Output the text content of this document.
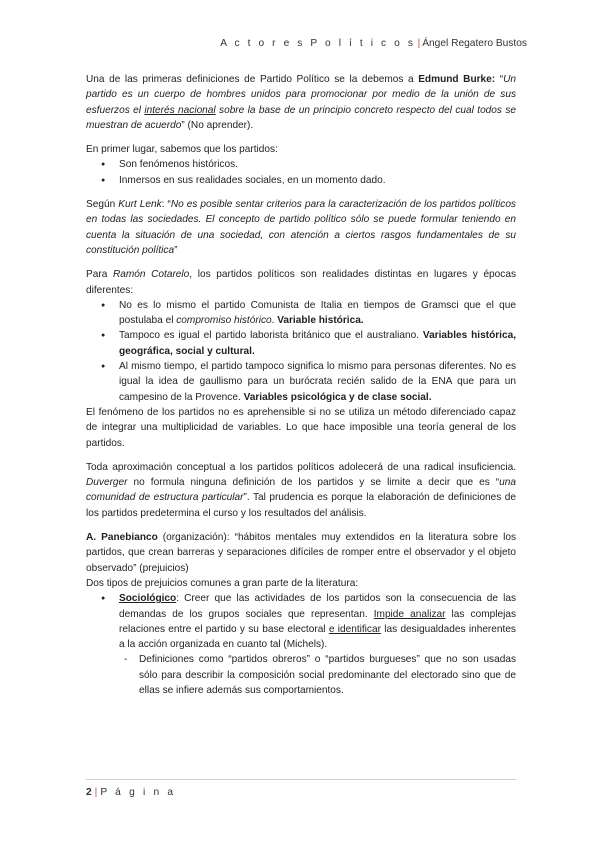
A c t o r e s P o l í t i c o s | Ángel Regatero Bustos

Una de las primeras definiciones de Partido Político se la debemos a Edmund Burke: “Un partido es un cuerpo de hombres unidos para promocionar por medio de la unión de sus esfuerzos el interés nacional sobre la base de un principio concreto respecto del cual todos se muestran de acuerdo” (No aprender).

En primer lugar, sabemos que los partidos:

● Son fenómenos históricos.
● Inmersos en sus realidades sociales, en un momento dado.

Según Kurt Lenk: “No es posible sentar criterios para la caracterización de los partidos políticos en todas las sociedades. El concepto de partido político sólo se puede formular teniendo en cuenta la situación de una sociedad, con atención a ciertos rasgos fundamentales de su constitución política”

Para Ramón Cotarelo, los partidos políticos son realidades distintas en lugares y épocas diferentes:

● No es lo mismo el partido Comunista de Italia en tiempos de Gramsci que el que postulaba el compromiso histórico. Variable histórica.
● Tampoco es igual el partido laborista británico que el australiano. Variables histórica, geográfica, social y cultural.
● Al mismo tiempo, el partido tampoco significa lo mismo para personas diferentes. No es igual la idea de gaullismo para un burócrata recién salido de la ENA que para un campesino de la Provence. Variables psicológica y de clase social.

El fenómeno de los partidos no es aprehensible si no se utiliza un método diferenciado capaz de integrar una multiplicidad de variables. Lo que hace imposible una teoría general de los partidos.

Toda aproximación conceptual a los partidos políticos adolecerá de una radical insuficiencia. Duverger no formula ninguna definición de los partidos y se limite a decir que es “una comunidad de estructura particular”. Tal prudencia es porque la elaboración de definiciones de los partidos predetermina el curso y los resultados del análisis.

A. Panebianco (organización): “hábitos mentales muy extendidos en la literatura sobre los partidos, que crean barreras y separaciones difíciles de romper entre el observador y el objeto observado” (prejuicios)

Dos tipos de prejuicios comunes a gran parte de la literatura:

● Sociológico: Creer que las actividades de los partidos son la consecuencia de las demandas de los grupos sociales que representan. Impide analizar las complejas relaciones entre el partido y su base electoral e identificar las desigualdades inherentes a la acción organizada en cuanto tal (Michels).
- Definiciones como “partidos obreros” o “partidos burgueses” que no son usadas sólo para describir la composición social predominante del electorado sino que de ellas se infiere además sus comportamientos.
2 | P á g i n a
